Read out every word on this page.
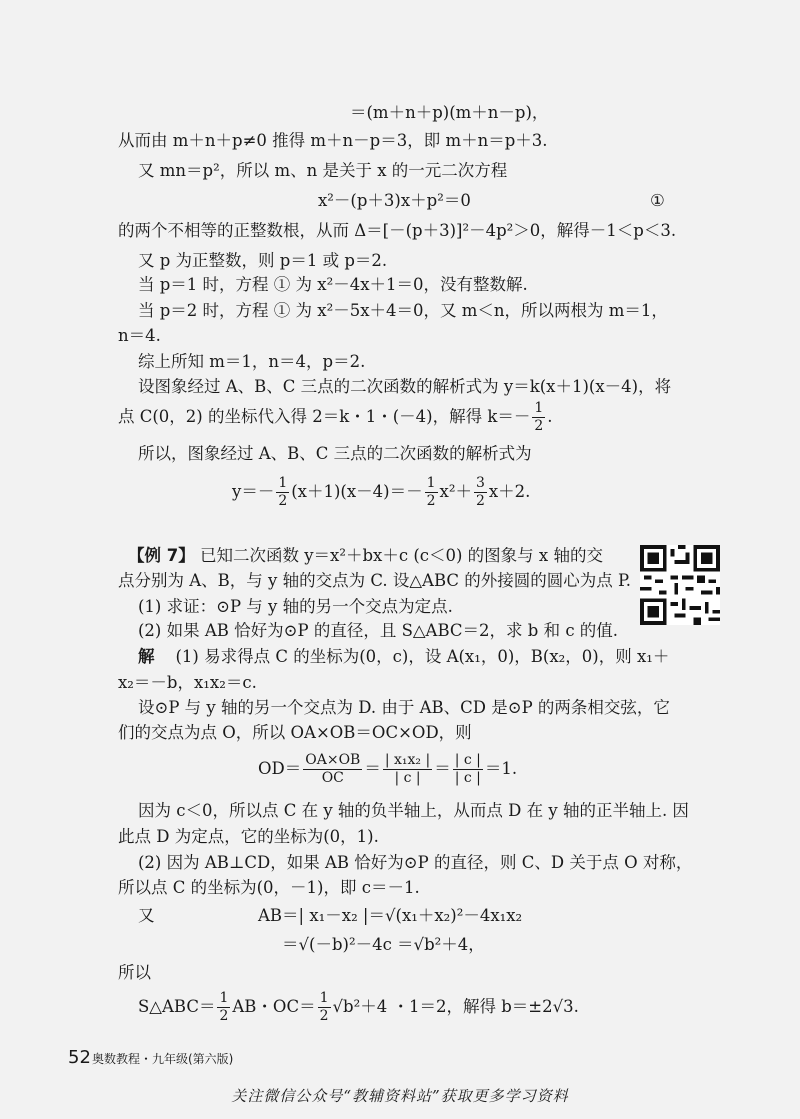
＝(m＋n＋p)(m＋n－p)，
从而由 m＋n＋p≠0 推得 m＋n－p＝3，即 m＋n＝p＋3.
又 mn＝p²，所以 m、n 是关于 x 的一元二次方程
x²－(p＋3)x＋p²＝0	①
的两个不相等的正整数根，从而 Δ＝[－(p＋3)]²－4p²＞0，解得－1＜p＜3.
又 p 为正整数，则 p＝1 或 p＝2.
当 p＝1 时，方程 ① 为 x²－4x＋1＝0，没有整数解.
当 p＝2 时，方程 ① 为 x²－5x＋4＝0，又 m＜n，所以两根为 m＝1，
n＝4.
综上所知 m＝1，n＝4，p＝2.
设图象经过 A、B、C 三点的二次函数的解析式为 y＝k(x＋1)(x－4)，将
点 C(0，2) 的坐标代入得 2＝k・1・(－4)，解得 $k=- \frac{1}{2}$ .
所以，图象经过 A、B、C 三点的二次函数的解析式为
$y=- \frac{1}{2} (x+1)(x-4)=- \frac{1}{2} x^2+ \frac{3}{2} x+2$.
【例 7】 已知二次函数 y＝x²＋bx＋c (c＜0) 的图象与 x 轴的交
点分别为 A、B，与 y 轴的交点为 C. 设△ABC 的外接圆的圆心为点 P.
(1) 求证：⊙P 与 y 轴的另一个交点为定点.
(2) 如果 AB 恰好为⊙P 的直径，且 S△ABC＝2，求 b 和 c 的值.
解 (1) 易求得点 C 的坐标为(0，c)，设 A(x₁，0)，B(x₂，0)，则 x₁＋
x₂＝－b，x₁x₂＝c.
设⊙P 与 y 轴的另一个交点为 D. 由于 AB、CD 是⊙P 的两条相交弦，它
们的交点为点 O，所以 OA×OB＝OC×OD，则
$OD= \frac{OA\times OB}{OC} = \frac{\text{| x₁x₂ |}}{| c |} = \frac{| c |}{| c |} =1$.
因为 c＜0，所以点 C 在 y 轴的负半轴上，从而点 D 在 y 轴的正半轴上. 因
此点 D 为定点，它的坐标为(0，1).
(2) 因为 AB⊥CD，如果 AB 恰好为⊙P 的直径，则 C、D 关于点 O 对称，
所以点 C 的坐标为(0，－1)，即 c＝－1.
又	AB＝| x₁－x₂ |＝√(x₁＋x₂)²－4x₁x₂
＝√(－b)²－4c ＝√b²＋4，
所以
S△ABC＝ $\frac{1}{2}$ AB・$OC= \frac{1}{2} √b^2+4$ ・1＝2，解得 b＝±2√3.
52 奥数教程・九年级(第六版)
关注微信公众号“教辅资料站”获取更多学习资料
